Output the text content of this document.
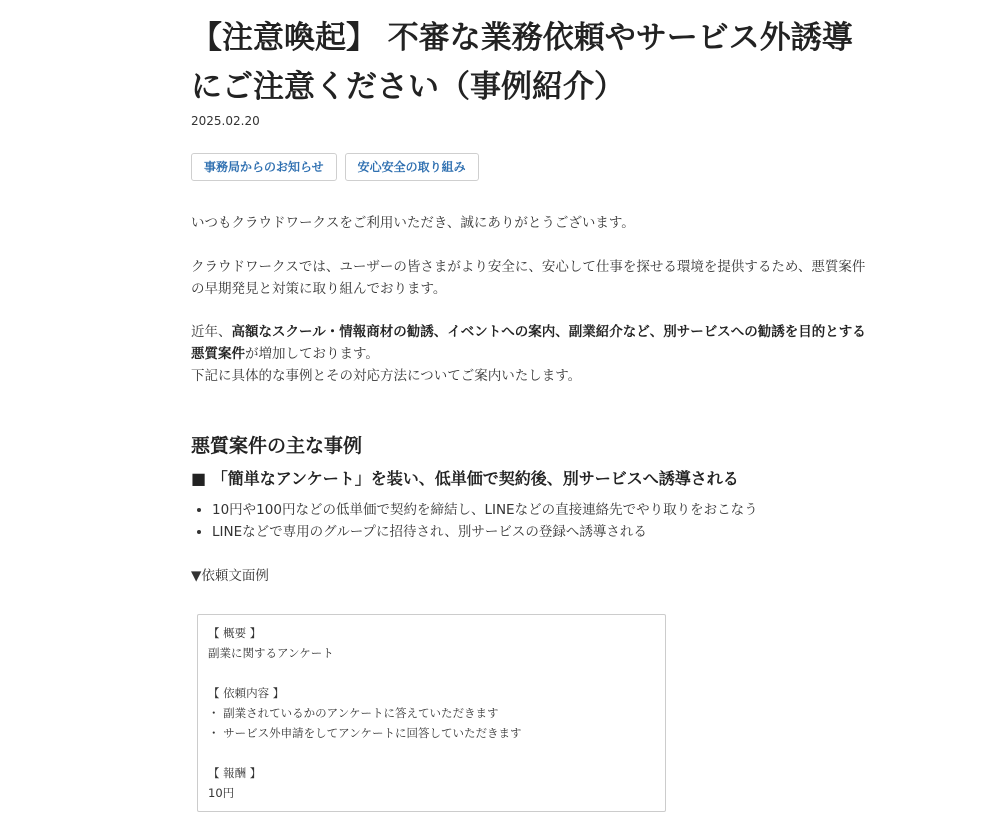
【注意喚起】 不審な業務依頼やサービス外誘導にご注意ください（事例紹介）
2025.02.20
事務局からのお知らせ	安心安全の取り組み

いつもクラウドワークスをご利用いただき、誠にありがとうございます。

クラウドワークスでは、ユーザーの皆さまがより安全に、安心して仕事を探せる環境を提供するため、悪質案件の早期発見と対策に取り組んでおります。

近年、高額なスクール・情報商材の勧誘、イベントへの案内、副業紹介など、別サービスへの勧誘を目的とする悪質案件が増加しております。
下記に具体的な事例とその対応方法についてご案内いたします。

悪質案件の主な事例
■ 「簡単なアンケート」を装い、低単価で契約後、別サービスへ誘導される
• 10円や100円などの低単価で契約を締結し、LINEなどの直接連絡先でやり取りをおこなう
• LINEなどで専用のグループに招待され、別サービスの登録へ誘導される
▼依頼文面例
【 概要 】
副業に関するアンケート
【 依頼内容 】
・ 副業されているかのアンケートに答えていただきます
・ サービス外申請をしてアンケートに回答していただきます
【 報酬 】
10円
